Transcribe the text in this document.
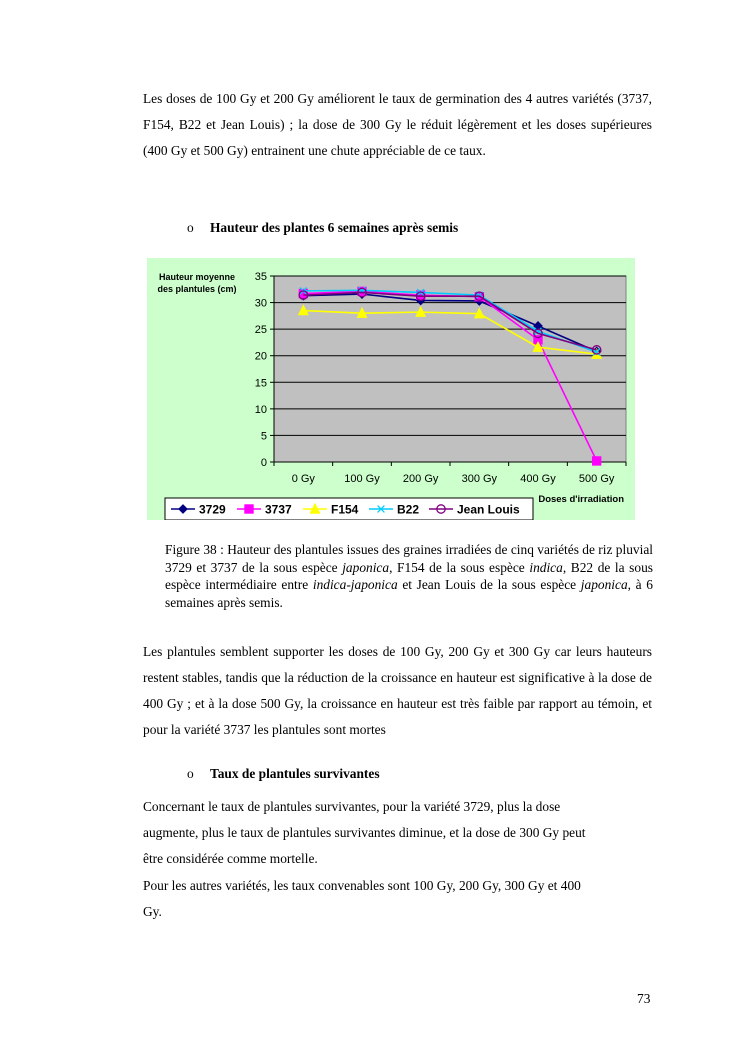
Les doses de 100 Gy et 200 Gy améliorent le taux de germination des 4 autres variétés (3737, F154, B22 et Jean Louis) ; la dose de 300 Gy le réduit légèrement et les doses supérieures (400 Gy et 500 Gy) entrainent une chute appréciable de ce taux.

o Hauteur des plantes 6 semaines après semis

0
5
10
15
20
25
30
35
0 Gy	100 Gy 200 Gy 300 Gy 400 Gy 500 Gy
Hauteur moyenne
des plantules (cm)
Doses d'irradiation
3729	3737	F154	B22	Jean Louis

Figure 38 : Hauteur des plantules issues des graines irradiées de cinq variétés de riz pluvial 3729 et 3737 de la sous espèce japonica, F154 de la sous espèce indica, B22 de la sous espèce intermédiaire entre indica-japonica et Jean Louis de la sous espèce japonica, à 6 semaines après semis.

Les plantules semblent supporter les doses de 100 Gy, 200 Gy et 300 Gy car leurs hauteurs restent stables, tandis que la réduction de la croissance en hauteur est significative à la dose de 400 Gy ; et à la dose 500 Gy, la croissance en hauteur est très faible par rapport au témoin, et pour la variété 3737 les plantules sont mortes

o Taux de plantules survivantes

Concernant le taux de plantules survivantes, pour la variété 3729, plus la dose

augmente, plus le taux de plantules survivantes diminue, et la dose de 300 Gy peut

être considérée comme mortelle.

Pour les autres variétés, les taux convenables sont 100 Gy, 200 Gy, 300 Gy et 400

Gy.

73
